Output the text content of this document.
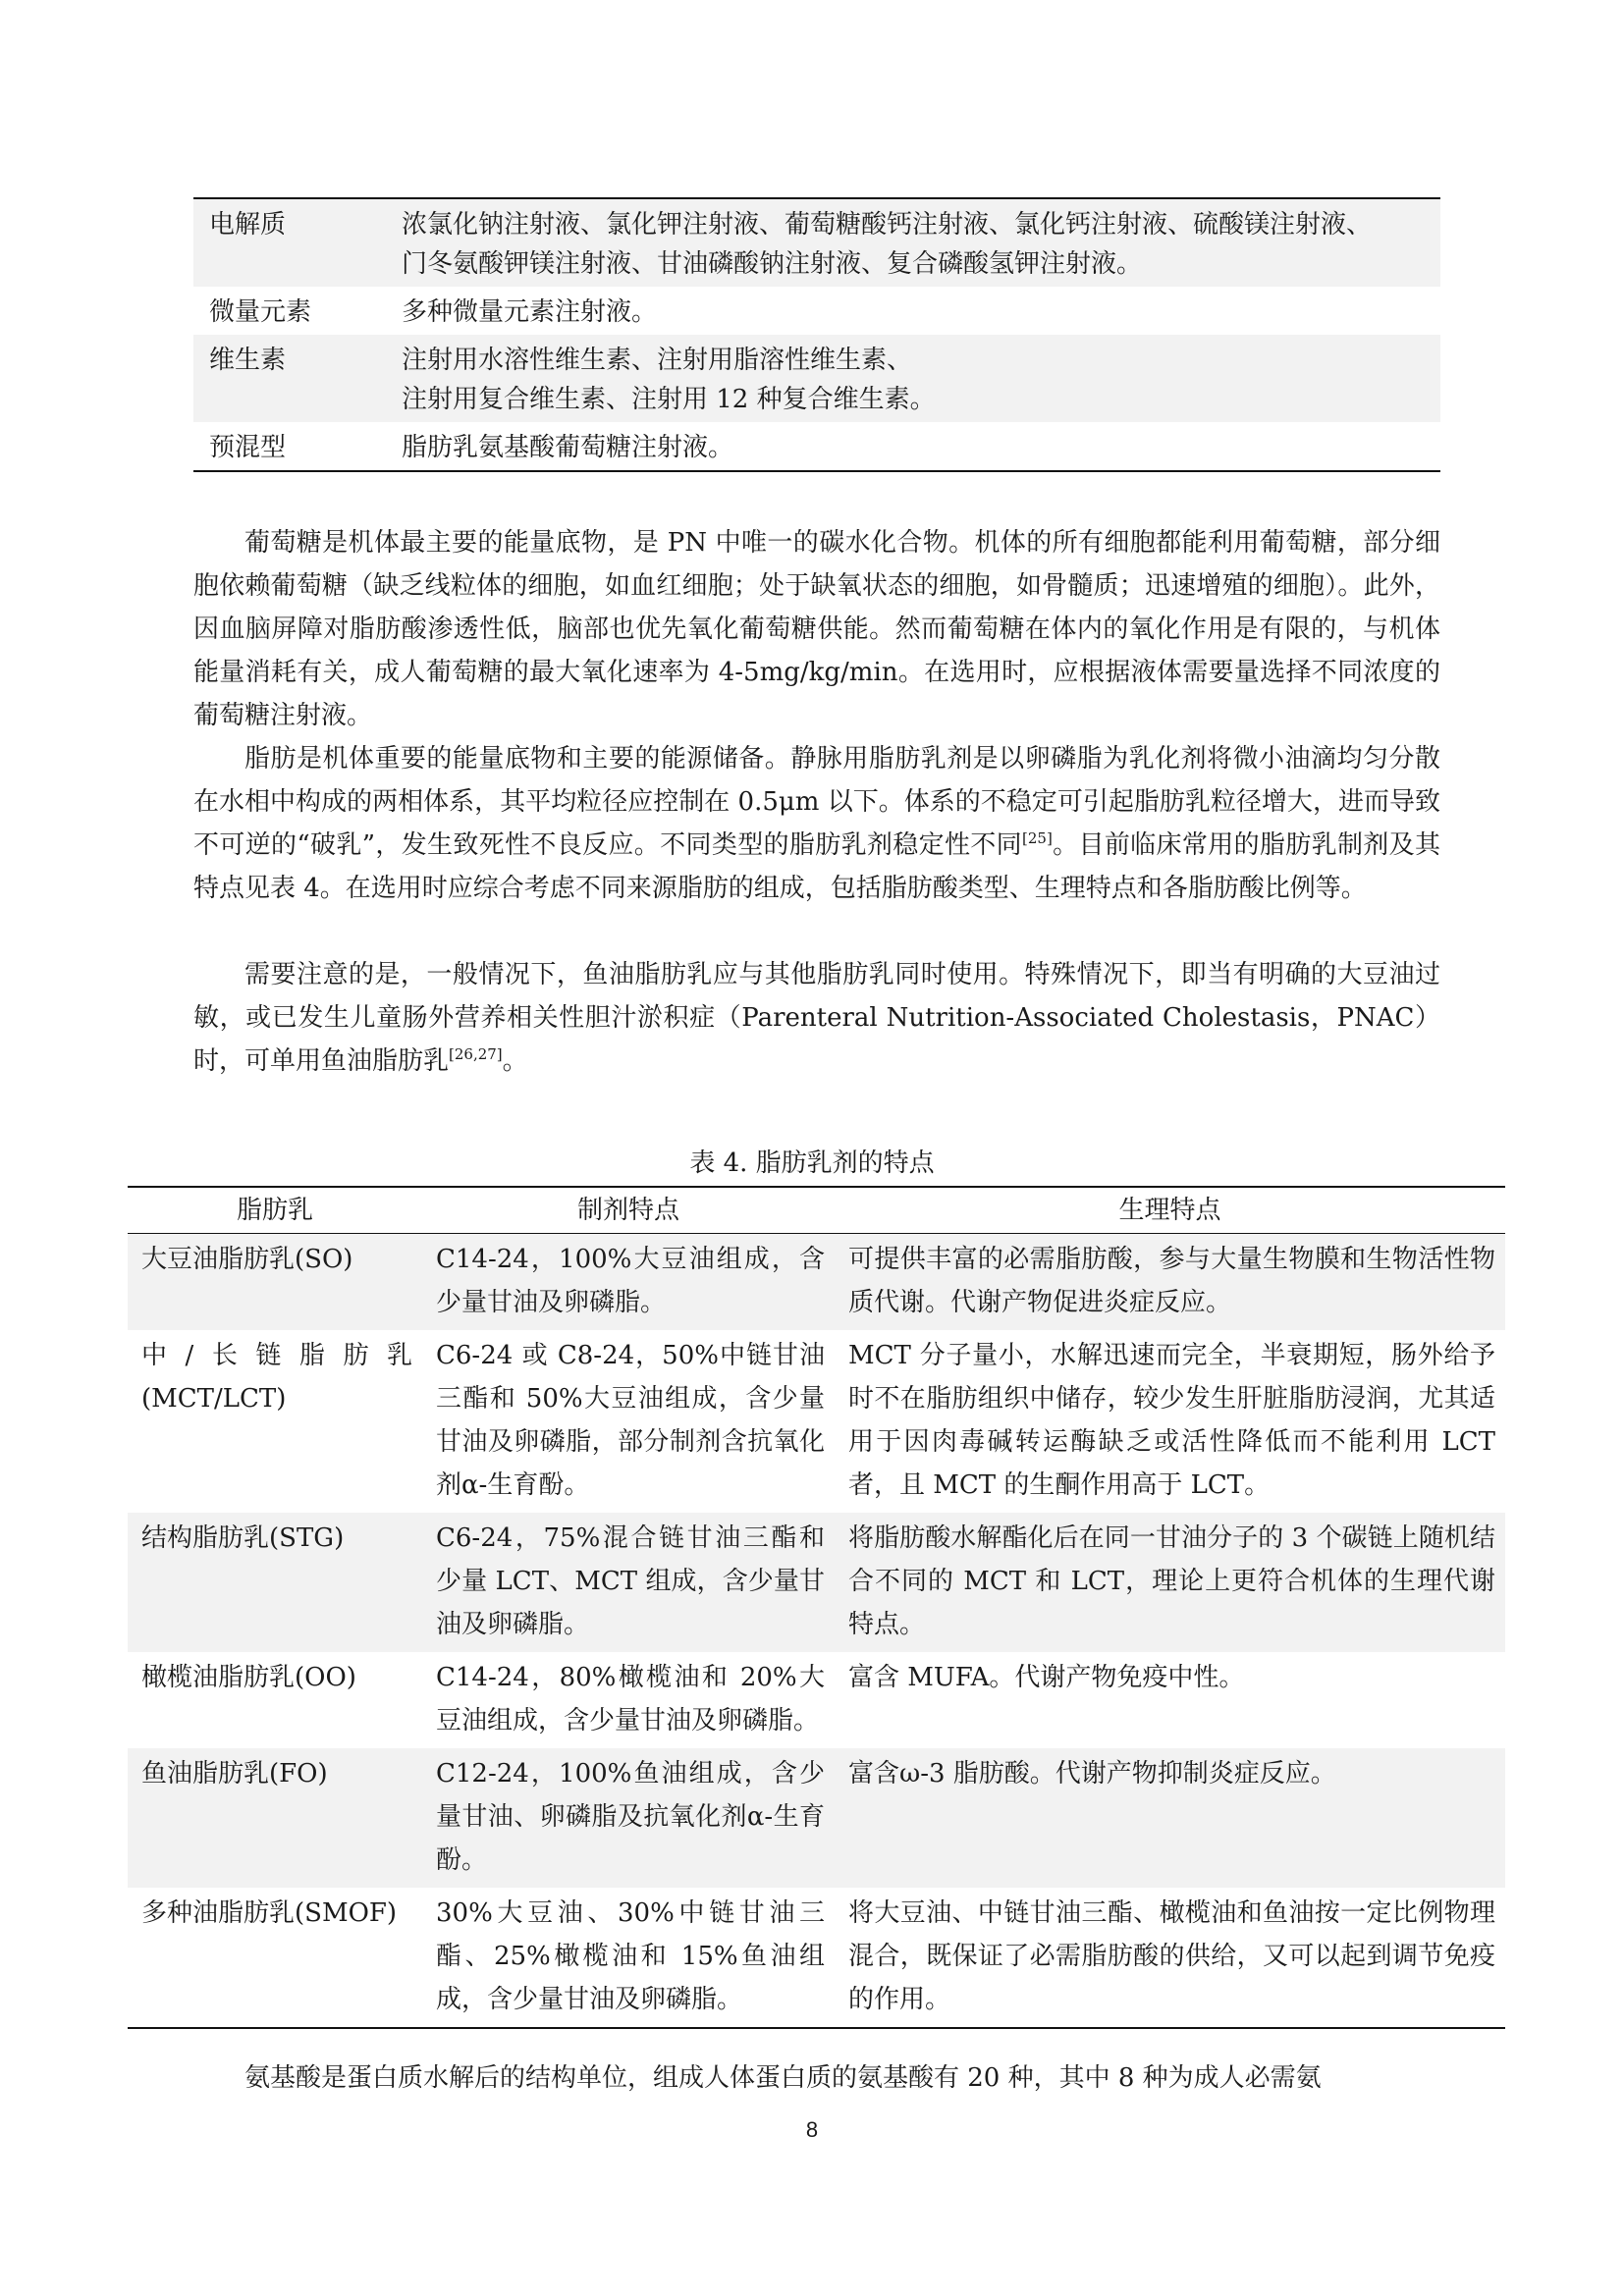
电解质	浓氯化钠注射液、氯化钾注射液、葡萄糖酸钙注射液、氯化钙注射液、硫酸镁注射液、
门冬氨酸钾镁注射液、甘油磷酸钠注射液、复合磷酸氢钾注射液。

微量元素	多种微量元素注射液。

维生素	注射用水溶性维生素、注射用脂溶性维生素、
注射用复合维生素、注射用 12 种复合维生素。

预混型	脂肪乳氨基酸葡萄糖注射液。

葡萄糖是机体最主要的能量底物，是 PN 中唯一的碳水化合物。机体的所有细胞都能利用葡萄糖，部分细胞依赖葡萄糖（缺乏线粒体的细胞，如血红细胞；处于缺氧状态的细胞，如骨髓质；迅速增殖的细胞）。此外，因血脑屏障对脂肪酸渗透性低，脑部也优先氧化葡萄糖供能。然而葡萄糖在体内的氧化作用是有限的，与机体能量消耗有关，成人葡萄糖的最大氧化速率为 4-5mg/kg/min。在选用时，应根据液体需要量选择不同浓度的葡萄糖注射液。

脂肪是机体重要的能量底物和主要的能源储备。静脉用脂肪乳剂是以卵磷脂为乳化剂将微小油滴均匀分散在水相中构成的两相体系，其平均粒径应控制在 0.5μm 以下。体系的不稳定可引起脂肪乳粒径增大，进而导致不可逆的“破乳”，发生致死性不良反应。不同类型的脂肪乳剂稳定性不同[25]。目前临床常用的脂肪乳制剂及其特点见表 4。在选用时应综合考虑不同来源脂肪的组成，包括脂肪酸类型、生理特点和各脂肪酸比例等。

需要注意的是，一般情况下，鱼油脂肪乳应与其他脂肪乳同时使用。特殊情况下，即当有明确的大豆油过敏，或已发生儿童肠外营养相关性胆汁淤积症（Parenteral Nutrition-Associated Cholestasis，PNAC）时，可单用鱼油脂肪乳[26,27]。

表 4. 脂肪乳剂的特点
脂肪乳	制剂特点	生理特点
大豆油脂肪乳(SO)	C14-24，100%大豆油组成，含少量甘油及卵磷脂。	可提供丰富的必需脂肪酸，参与大量生物膜和生物活性物质代谢。代谢产物促进炎症反应。
中/长链脂肪乳(MCT/LCT)	C6-24 或 C8-24，50%中链甘油三酯和 50%大豆油组成，含少量甘油及卵磷脂，部分制剂含抗氧化剂α-生育酚。	MCT 分子量小，水解迅速而完全，半衰期短，肠外给予时不在脂肪组织中储存，较少发生肝脏脂肪浸润，尤其适用于因肉毒碱转运酶缺乏或活性降低而不能利用 LCT 者，且 MCT 的生酮作用高于 LCT。
结构脂肪乳(STG)	C6-24，75%混合链甘油三酯和少量 LCT、MCT 组成，含少量甘油及卵磷脂。	将脂肪酸水解酯化后在同一甘油分子的 3 个碳链上随机结合不同的 MCT 和 LCT，理论上更符合机体的生理代谢特点。
橄榄油脂肪乳(OO)	C14-24，80%橄榄油和 20%大豆油组成，含少量甘油及卵磷脂。	富含 MUFA。代谢产物免疫中性。
鱼油脂肪乳(FO)	C12-24，100%鱼油组成，含少量甘油、卵磷脂及抗氧化剂α-生育酚。	富含ω-3 脂肪酸。代谢产物抑制炎症反应。
多种油脂肪乳(SMOF)	30%大豆油、30%中链甘油三酯、25%橄榄油和 15%鱼油组成，含少量甘油及卵磷脂。	将大豆油、中链甘油三酯、橄榄油和鱼油按一定比例物理混合，既保证了必需脂肪酸的供给，又可以起到调节免疫的作用。

氨基酸是蛋白质水解后的结构单位，组成人体蛋白质的氨基酸有 20 种，其中 8 种为成人必需氨

8
